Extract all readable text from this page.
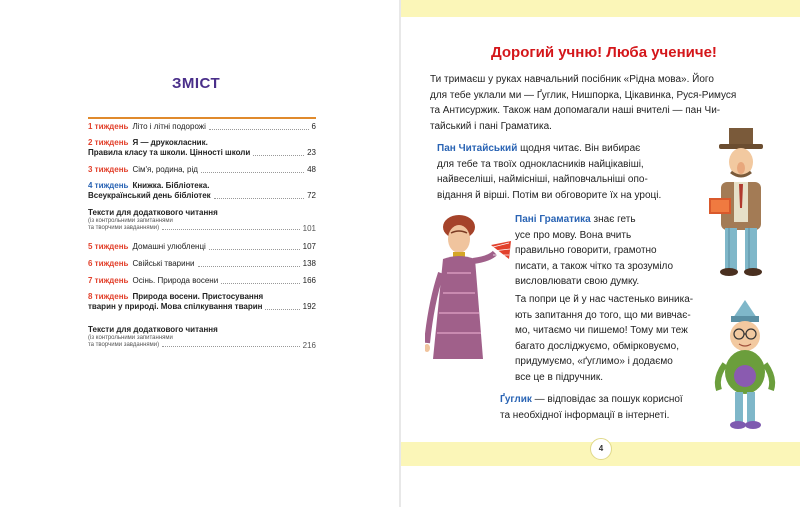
ЗМІСТ
1 тиждень Літо і літні подорожі	6
2 тиждень Я — друкокласник.
Правила класу та школи. Цінності школи	23
3 тиждень Сім'я, родина, рід	48
4 тиждень Книжка. Бібліотека.
Всеукраїнський день бібліотек	72
Тексти для додаткового читання
(із контрольними запитаннями
та творчими завданнями)	101
5 тиждень Домашні улюбленці	107
6 тиждень Свійські тварини	138
7 тиждень Осінь. Природа восени	166
8 тиждень Природа восени. Пристосування
тварин у природі. Мова спілкування тварин	192
Тексти для додаткового читання
(із контрольними запитаннями
та творчими завданнями)	216
Дорогий учню! Люба учениче!
Ти тримаєш у руках навчальний посібник «Рідна мова». Його
для тебе уклали ми — Ґуглик, Нишпорка, Цікавинка, Руся-Римуся
та Антисуржик. Також нам допомагали наші вчителі — пан Чи-
тайський і пані Граматика.
Пан Читайський щодня читає. Він вибирає
для тебе та твоїх однокласників найцікавіші,
найвеселіші, наймісніші, найповчальніші опо-
відання й вірші. Потім ви обговорите їх на уроці.
Пані Граматика знає геть
усе про мову. Вона вчить
правильно говорити, грамотно
писати, а також чітко та зрозуміло
висловлювати свою думку.
Та попри це й у нас частенько виника-
ють запитання до того, що ми вивчає-
мо, читаємо чи пишемо! Тому ми теж
багато досліджуємо, обмірковуємо,
придумуємо, «ґуглимо» і додаємо
все це в підручник.
Ґуглик — відповідає за пошук корисної
та необхідної інформації в інтернеті.
4
